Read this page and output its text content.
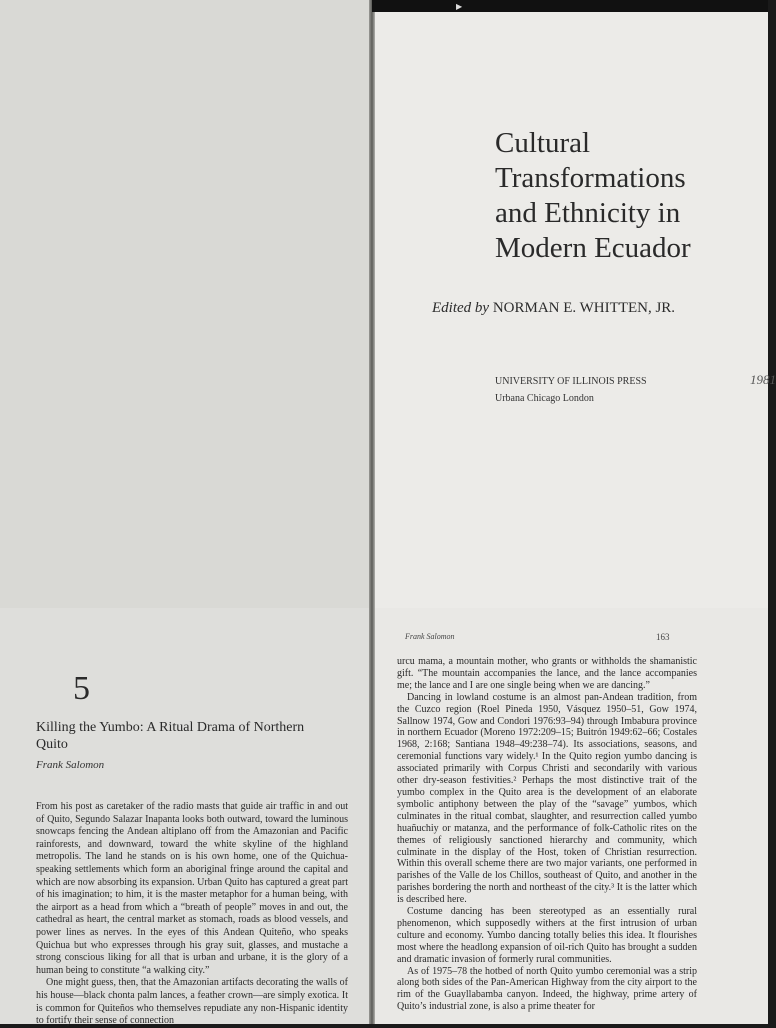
Cultural
Transformations
and Ethnicity in
Modern Ecuador
Edited by NORMAN E. WHITTEN, JR.
UNIVERSITY OF ILLINOIS PRESS
Urbana Chicago London
1981
5
Killing the Yumbo: A Ritual Drama of Northern Quito
Frank Salomon

From his post as caretaker of the radio masts that guide air traffic in and out of Quito, Segundo Salazar Inapanta looks both outward, toward the luminous snowcaps fencing the Andean altiplano off from the Amazonian and Pacific rainforests, and downward, toward the white skyline of the highland metropolis. The land he stands on is his own home, one of the Quichua-speaking settlements which form an aboriginal fringe around the capital and which are now absorbing its expansion. Urban Quito has captured a great part of his imagination; to him, it is the master metaphor for a human being, with the airport as a head from which a “breath of people” moves in and out, the cathedral as heart, the central market as stomach, roads as blood vessels, and power lines as nerves. In the eyes of this Andean Quiteño, who speaks Quichua but who expresses through his gray suit, glasses, and mustache a strong conscious liking for all that is urban and urbane, it is the glory of a human being to constitute “a walking city.”

One might guess, then, that the Amazonian artifacts decorating the walls of his house—black chonta palm lances, a feather crown—are simply exotica. It is common for Quiteños who themselves repudiate any non-Hispanic identity to fortify their sense of connection

Frank Salomon	163

urcu mama, a mountain mother, who grants or withholds the shamanistic gift. “The mountain accompanies the lance, and the lance accompanies me; the lance and I are one single being when we are dancing.”

Dancing in lowland costume is an almost pan-Andean tradition, from the Cuzco region (Roel Pineda 1950, Vásquez 1950–51, Gow 1974, Sallnow 1974, Gow and Condori 1976:93–94) through Imbabura province in northern Ecuador (Moreno 1972:209–15; Buitrón 1949:62–66; Costales 1968, 2:168; Santiana 1948–49:238–74). Its associations, seasons, and ceremonial functions vary widely.¹ In the Quito region yumbo dancing is associated primarily with Corpus Christi and secondarily with various other dry-season festivities.² Perhaps the most distinctive trait of the yumbo complex in the Quito area is the development of an elaborate symbolic antiphony between the play of the “savage” yumbos, which culminates in the ritual combat, slaughter, and resurrection called yumbo huañuchiy or matanza, and the performance of folk-Catholic rites on the themes of religiously sanctioned hierarchy and community, which culminate in the display of the Host, token of Christian resurrection. Within this overall scheme there are two major variants, one performed in parishes of the Valle de los Chillos, southeast of Quito, and another in the parishes bordering the north and northeast of the city.³ It is the latter which is described here.

Costume dancing has been stereotyped as an essentially rural phenomenon, which supposedly withers at the first intrusion of urban culture and economy. Yumbo dancing totally belies this idea. It flourishes most where the headlong expansion of oil-rich Quito has brought a sudden and dramatic invasion of formerly rural communities.

As of 1975–78 the hotbed of north Quito yumbo ceremonial was a strip along both sides of the Pan-American Highway from the city airport to the rim of the Guayllabamba canyon. Indeed, the highway, prime artery of Quito’s industrial zone, is also a prime theater for

▶
